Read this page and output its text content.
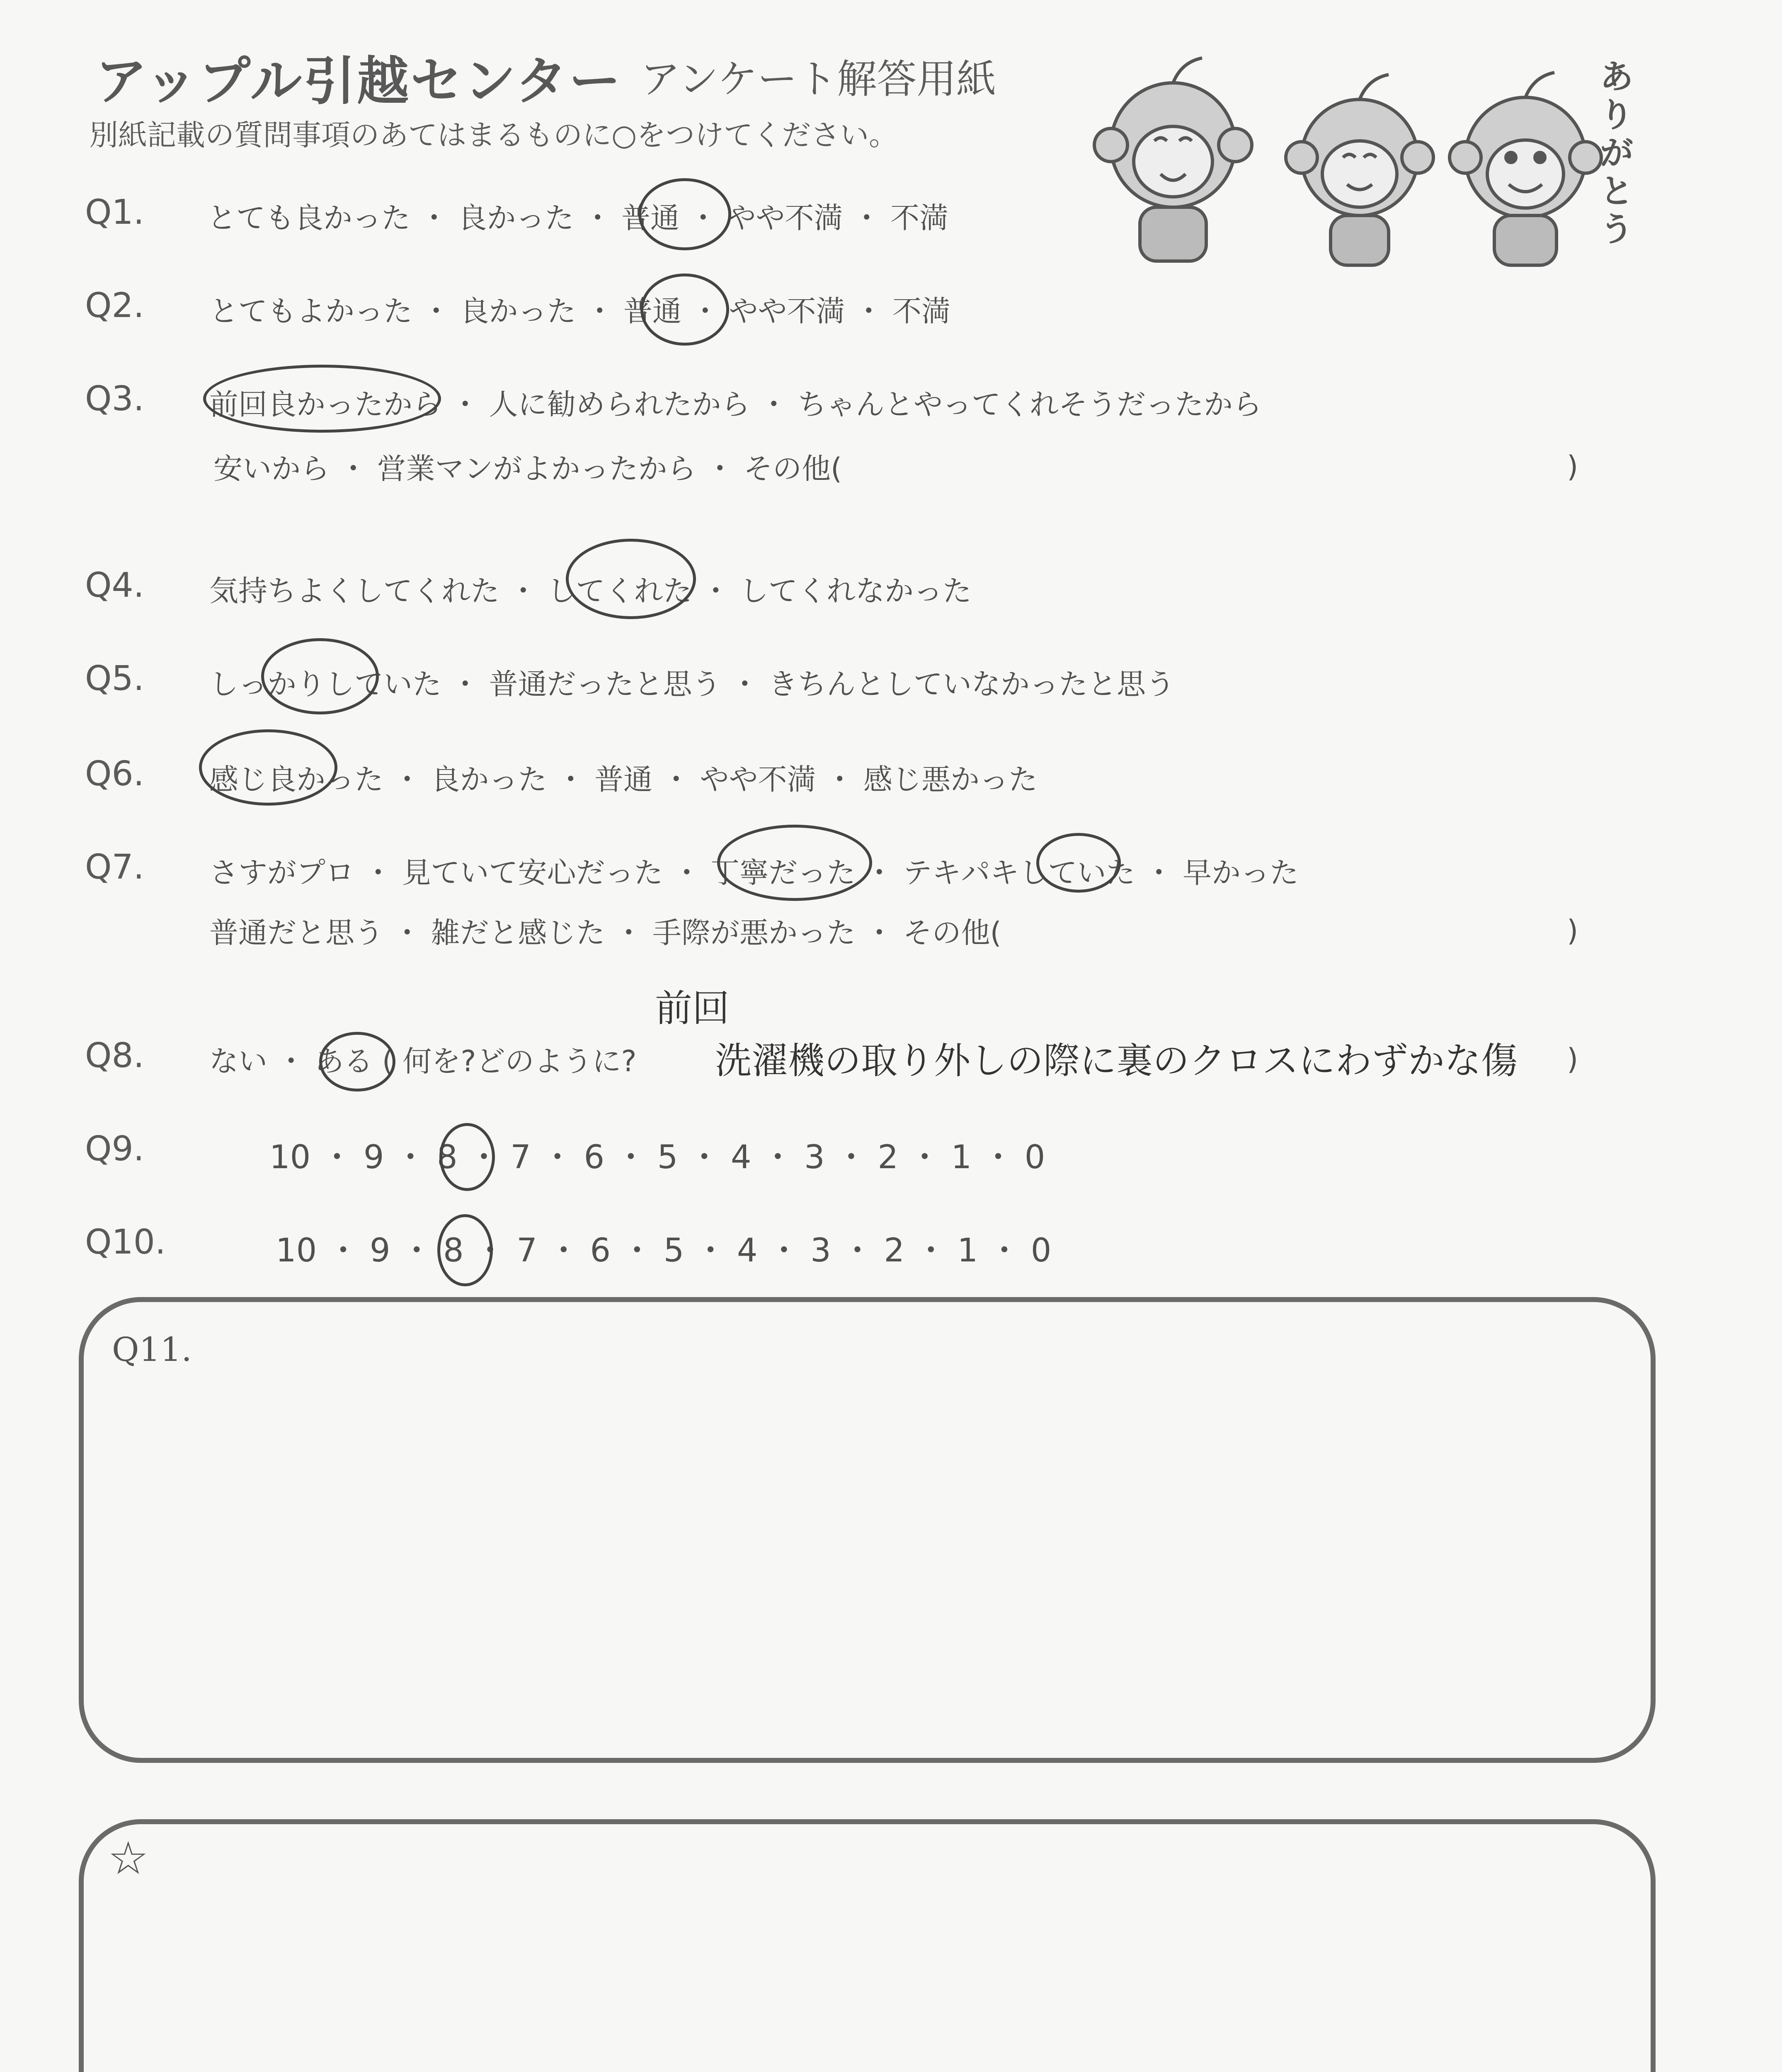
アップル引越センター アンケート解答用紙
別紙記載の質問事項のあてはまるものに○をつけてください。
ありがとう
Q1. とても良かった ・ 良かった ・ 普通 ・ やや不満 ・ 不満
Q2. とてもよかった ・ 良かった ・ 普通 ・ やや不満 ・ 不満
Q3. 前回良かったから ・ 人に勧められたから ・ ちゃんとやってくれそうだったから
安いから ・ 営業マンがよかったから ・ その他(	)
Q4. 気持ちよくしてくれた ・ してくれた ・ してくれなかった
Q5. しっかりしていた ・ 普通だったと思う ・ きちんとしていなかったと思う
Q6. 感じ良かった ・ 良かった ・ 普通 ・ やや不満 ・ 感じ悪かった
Q7. さすがプロ ・ 見ていて安心だった ・ 丁寧だった ・ テキパキしていた ・ 早かった
普通だと思う ・ 雑だと感じた ・ 手際が悪かった ・ その他(	)
Q8. ない ・ ある ( 何を?どのように?
前回
洗濯機の取り外しの際に裏のクロスにわずかな傷 )
Q9.	10 ・ 9 ・ 8 ・ 7 ・ 6 ・ 5 ・ 4 ・ 3 ・ 2 ・ 1 ・ 0
Q10.	10 ・ 9 ・ 8 ・ 7 ・ 6 ・ 5 ・ 4 ・ 3 ・ 2 ・ 1 ・ 0
Q11.
☆
